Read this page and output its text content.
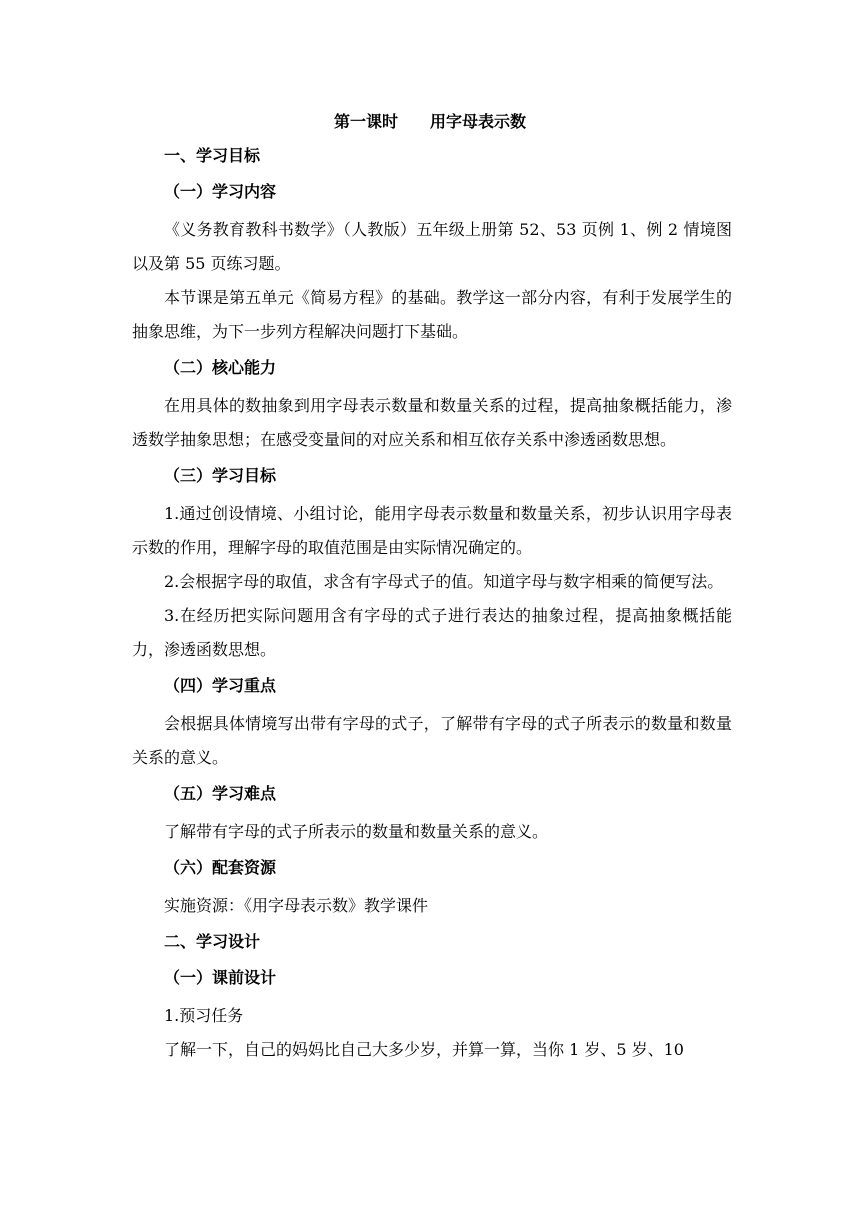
第一课时 用字母表示数
一、学习目标
（一）学习内容

《义务教育教科书数学》（人教版）五年级上册第 52、53 页例 1、例 2 情境图以及第 55 页练习题。

本节课是第五单元《简易方程》的基础。教学这一部分内容，有利于发展学生的抽象思维，为下一步列方程解决问题打下基础。

（二）核心能力

在用具体的数抽象到用字母表示数量和数量关系的过程，提高抽象概括能力，渗透数学抽象思想；在感受变量间的对应关系和相互依存关系中渗透函数思想。

（三）学习目标

1.通过创设情境、小组讨论，能用字母表示数量和数量关系，初步认识用字母表示数的作用，理解字母的取值范围是由实际情况确定的。

2.会根据字母的取值，求含有字母式子的值。知道字母与数字相乘的简便写法。

3.在经历把实际问题用含有字母的式子进行表达的抽象过程，提高抽象概括能力，渗透函数思想。

（四）学习重点

会根据具体情境写出带有字母的式子，了解带有字母的式子所表示的数量和数量关系的意义。

（五）学习难点

了解带有字母的式子所表示的数量和数量关系的意义。

（六）配套资源

实施资源：《用字母表示数》教学课件

二、学习设计
（一）课前设计

1.预习任务

了解一下，自己的妈妈比自己大多少岁，并算一算，当你 1 岁、5 岁、10
